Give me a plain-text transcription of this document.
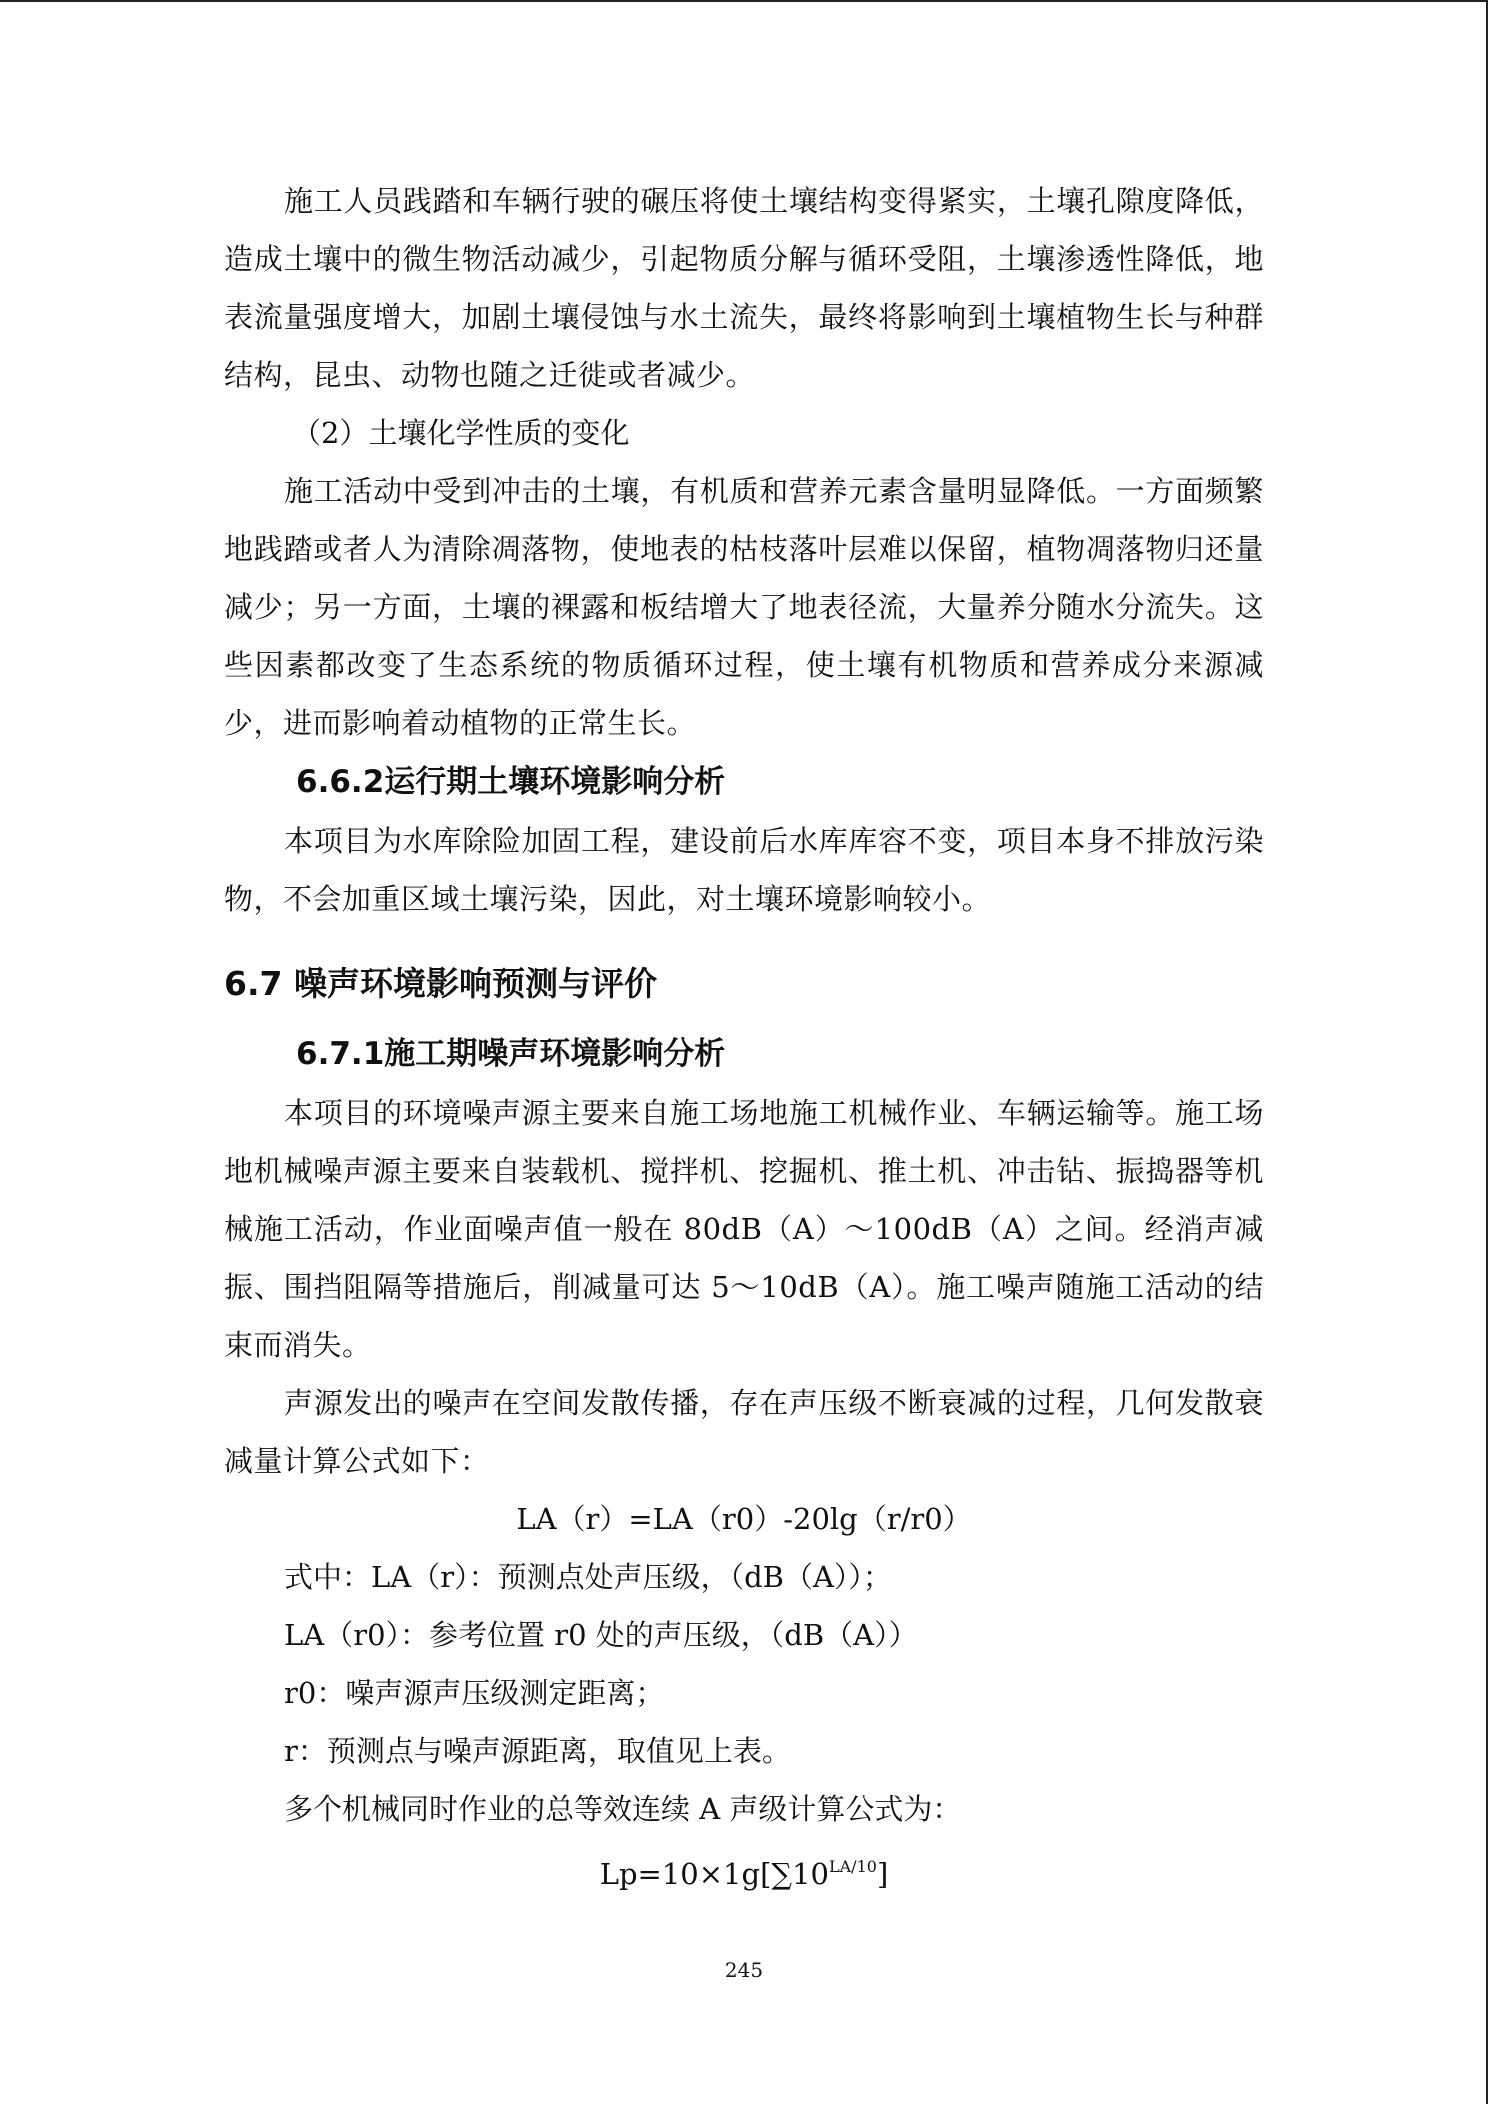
施工人员践踏和车辆行驶的碾压将使土壤结构变得紧实，土壤孔隙度降低，造成土壤中的微生物活动减少，引起物质分解与循环受阻，土壤渗透性降低，地表流量强度增大，加剧土壤侵蚀与水土流失，最终将影响到土壤植物生长与种群结构，昆虫、动物也随之迁徙或者减少。

（2）土壤化学性质的变化

施工活动中受到冲击的土壤，有机质和营养元素含量明显降低。一方面频繁地践踏或者人为清除凋落物，使地表的枯枝落叶层难以保留，植物凋落物归还量减少；另一方面，土壤的裸露和板结增大了地表径流，大量养分随水分流失。这些因素都改变了生态系统的物质循环过程，使土壤有机物质和营养成分来源减少，进而影响着动植物的正常生长。

6.6.2运行期土壤环境影响分析

本项目为水库除险加固工程，建设前后水库库容不变，项目本身不排放污染物，不会加重区域土壤污染，因此，对土壤环境影响较小。

6.7 噪声环境影响预测与评价

6.7.1施工期噪声环境影响分析

本项目的环境噪声源主要来自施工场地施工机械作业、车辆运输等。施工场地机械噪声源主要来自装载机、搅拌机、挖掘机、推土机、冲击钻、振捣器等机械施工活动，作业面噪声值一般在 80dB（A）～100dB（A）之间。经消声减振、围挡阻隔等措施后，削减量可达 5～10dB（A）。施工噪声随施工活动的结束而消失。

声源发出的噪声在空间发散传播，存在声压级不断衰减的过程，几何发散衰减量计算公式如下：

LA（r）=LA（r0）-20lg（r/r0）

式中：LA（r）：预测点处声压级，（dB（A））；

LA（r0）：参考位置 r0 处的声压级，（dB（A））

r0：噪声源声压级测定距离；

r：预测点与噪声源距离，取值见上表。

多个机械同时作业的总等效连续 A 声级计算公式为：

$Lp=10\times 1g[\sum 10^{LA/10}]$

245
